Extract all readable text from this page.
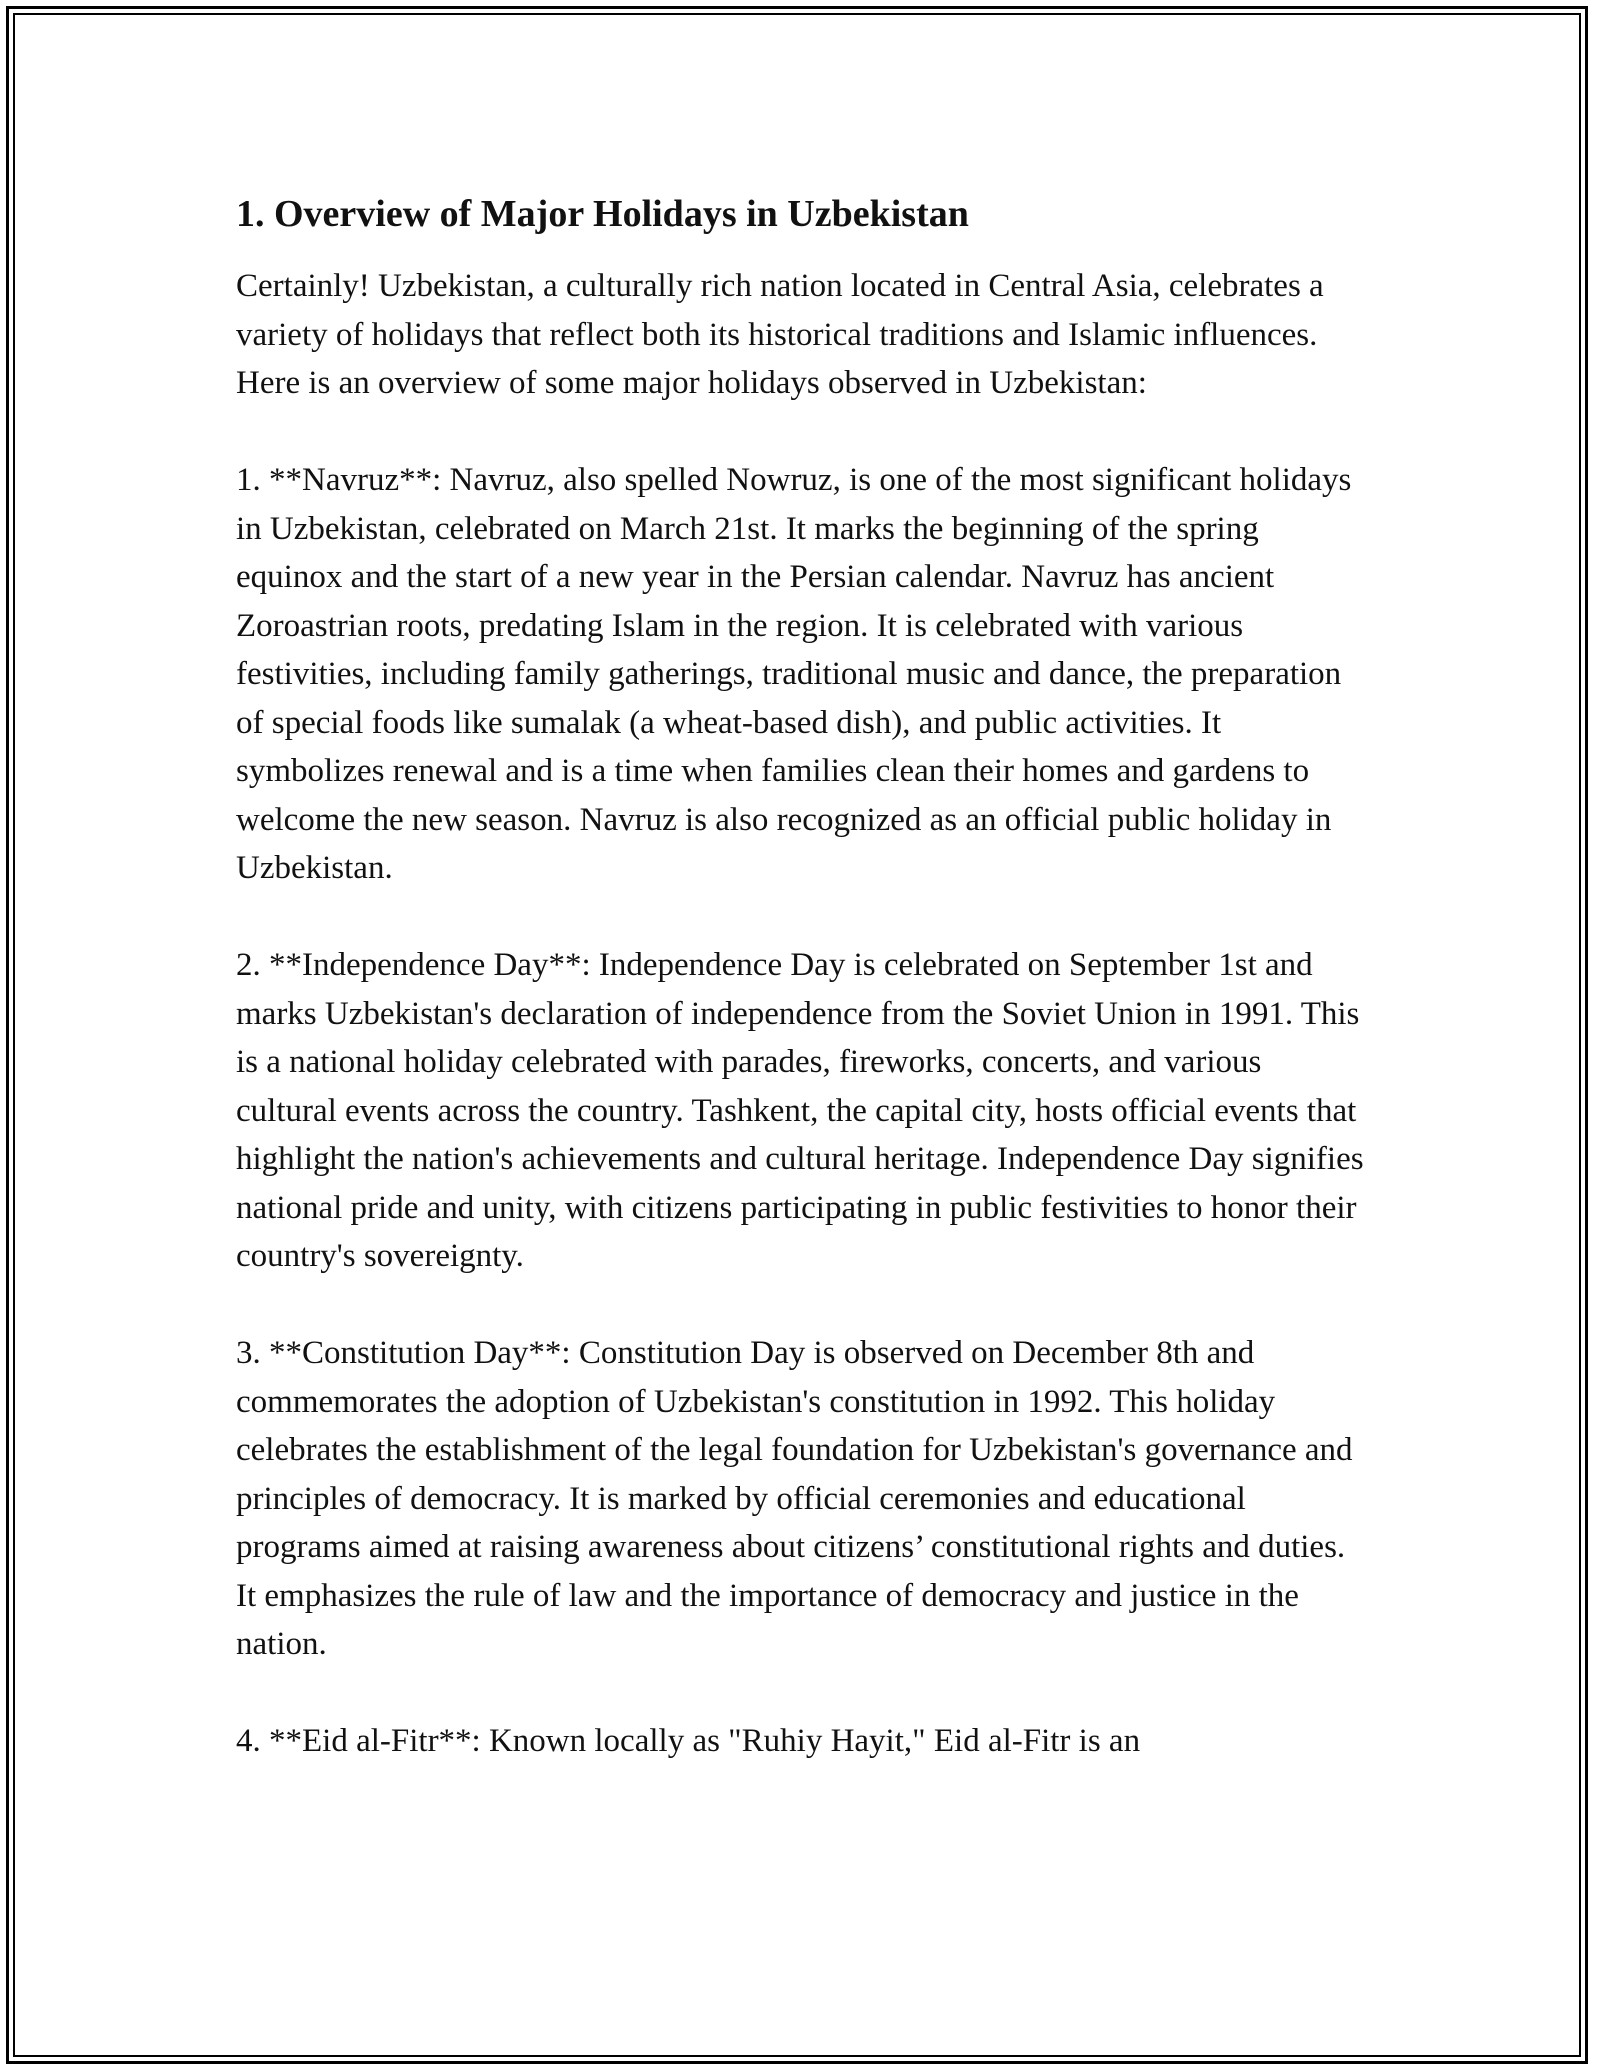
1. Overview of Major Holidays in Uzbekistan

Certainly! Uzbekistan, a culturally rich nation located in Central Asia, celebrates a variety of holidays that reflect both its historical traditions and Islamic influences. Here is an overview of some major holidays observed in Uzbekistan:

1. **Navruz**: Navruz, also spelled Nowruz, is one of the most significant holidays in Uzbekistan, celebrated on March 21st. It marks the beginning of the spring equinox and the start of a new year in the Persian calendar. Navruz has ancient Zoroastrian roots, predating Islam in the region. It is celebrated with various festivities, including family gatherings, traditional music and dance, the preparation of special foods like sumalak (a wheat-based dish), and public activities. It symbolizes renewal and is a time when families clean their homes and gardens to welcome the new season. Navruz is also recognized as an official public holiday in Uzbekistan.

2. **Independence Day**: Independence Day is celebrated on September 1st and marks Uzbekistan's declaration of independence from the Soviet Union in 1991. This is a national holiday celebrated with parades, fireworks, concerts, and various cultural events across the country. Tashkent, the capital city, hosts official events that highlight the nation's achievements and cultural heritage. Independence Day signifies national pride and unity, with citizens participating in public festivities to honor their country's sovereignty.

3. **Constitution Day**: Constitution Day is observed on December 8th and commemorates the adoption of Uzbekistan's constitution in 1992. This holiday celebrates the establishment of the legal foundation for Uzbekistan's governance and principles of democracy. It is marked by official ceremonies and educational programs aimed at raising awareness about citizens’ constitutional rights and duties. It emphasizes the rule of law and the importance of democracy and justice in the nation.

4. **Eid al-Fitr**: Known locally as "Ruhiy Hayit," Eid al-Fitr is an
